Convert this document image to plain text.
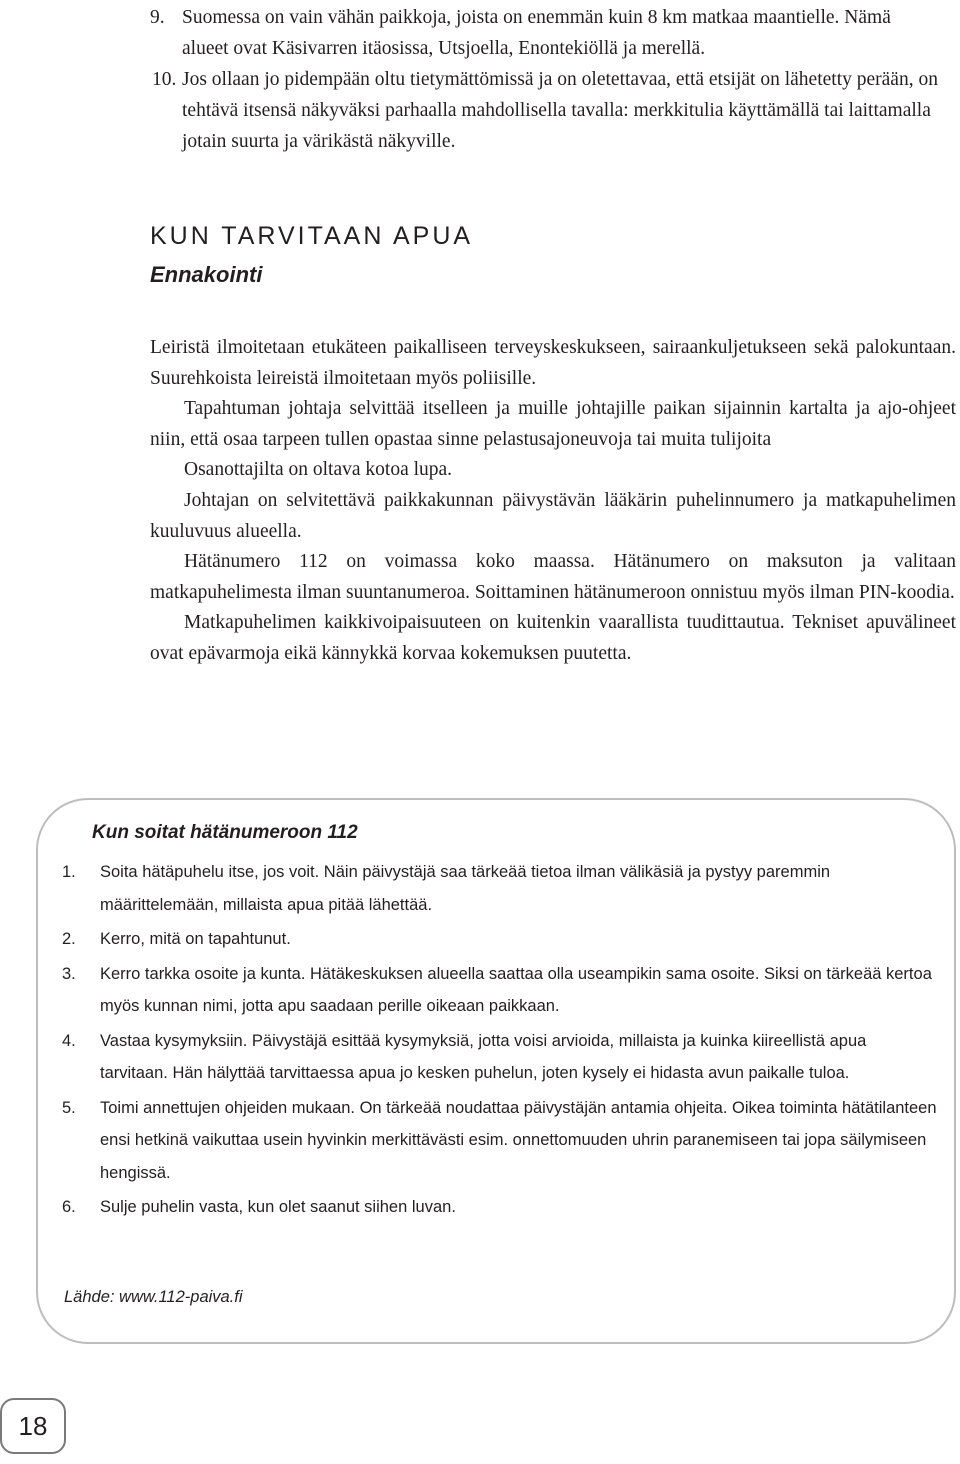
9. Suomessa on vain vähän paikkoja, joista on enemmän kuin 8 km matkaa maantielle. Nämä alueet ovat Käsivarren itäosissa, Utsjoella, Enontekiöllä ja merellä.
10. Jos ollaan jo pidempään oltu tietymättömissä ja on oletettavaa, että etsijät on lähetetty perään, on tehtävä itsensä näkyväksi parhaalla mahdollisella tavalla: merkkitulia käyttämällä tai laittamalla jotain suurta ja värikästä näkyville.
KUN TARVITAAN APUA
Ennakointi

Leiristä ilmoitetaan etukäteen paikalliseen terveyskeskukseen, sairaankuljetukseen sekä palokuntaan. Suurehkoista leireistä ilmoitetaan myös poliisille.

Tapahtuman johtaja selvittää itselleen ja muille johtajille paikan sijainnin kartalta ja ajo-ohjeet niin, että osaa tarpeen tullen opastaa sinne pelastusajoneuvoja tai muita tulijoita

Osanottajilta on oltava kotoa lupa.

Johtajan on selvitettävä paikkakunnan päivystävän lääkärin puhelinnumero ja matkapuhelimen kuuluvuus alueella.

Hätänumero 112 on voimassa koko maassa. Hätänumero on maksuton ja valitaan matkapuhelimesta ilman suuntanumeroa. Soittaminen hätänumeroon onnistuu myös ilman PIN-koodia.

Matkapuhelimen kaikkivoipaisuuteen on kuitenkin vaarallista tuudittautua. Tekniset apuvälineet ovat epävarmoja eikä kännykkä korvaa kokemuksen puutetta.

Kun soitat hätänumeroon 112
1. Soita hätäpuhelu itse, jos voit. Näin päivystäjä saa tärkeää tietoa ilman välikäsiä ja pystyy paremmin määrittelemään, millaista apua pitää lähettää.
2. Kerro, mitä on tapahtunut.
3. Kerro tarkka osoite ja kunta. Hätäkeskuksen alueella saattaa olla useampikin sama osoite. Siksi on tärkeää kertoa myös kunnan nimi, jotta apu saadaan perille oikeaan paikkaan.
4. Vastaa kysymyksiin. Päivystäjä esittää kysymyksiä, jotta voisi arvioida, millaista ja kuinka kiireellistä apua tarvitaan. Hän hälyttää tarvittaessa apua jo kesken puhelun, joten kysely ei hidasta avun paikalle tuloa.
5. Toimi annettujen ohjeiden mukaan. On tärkeää noudattaa päivystäjän antamia ohjeita. Oikea toiminta hätätilanteen ensi hetkinä vaikuttaa usein hyvinkin merkittävästi esim. onnettomuuden uhrin paranemiseen tai jopa säilymiseen hengissä.
6. Sulje puhelin vasta, kun olet saanut siihen luvan.
Lähde: www.112-paiva.fi
18
